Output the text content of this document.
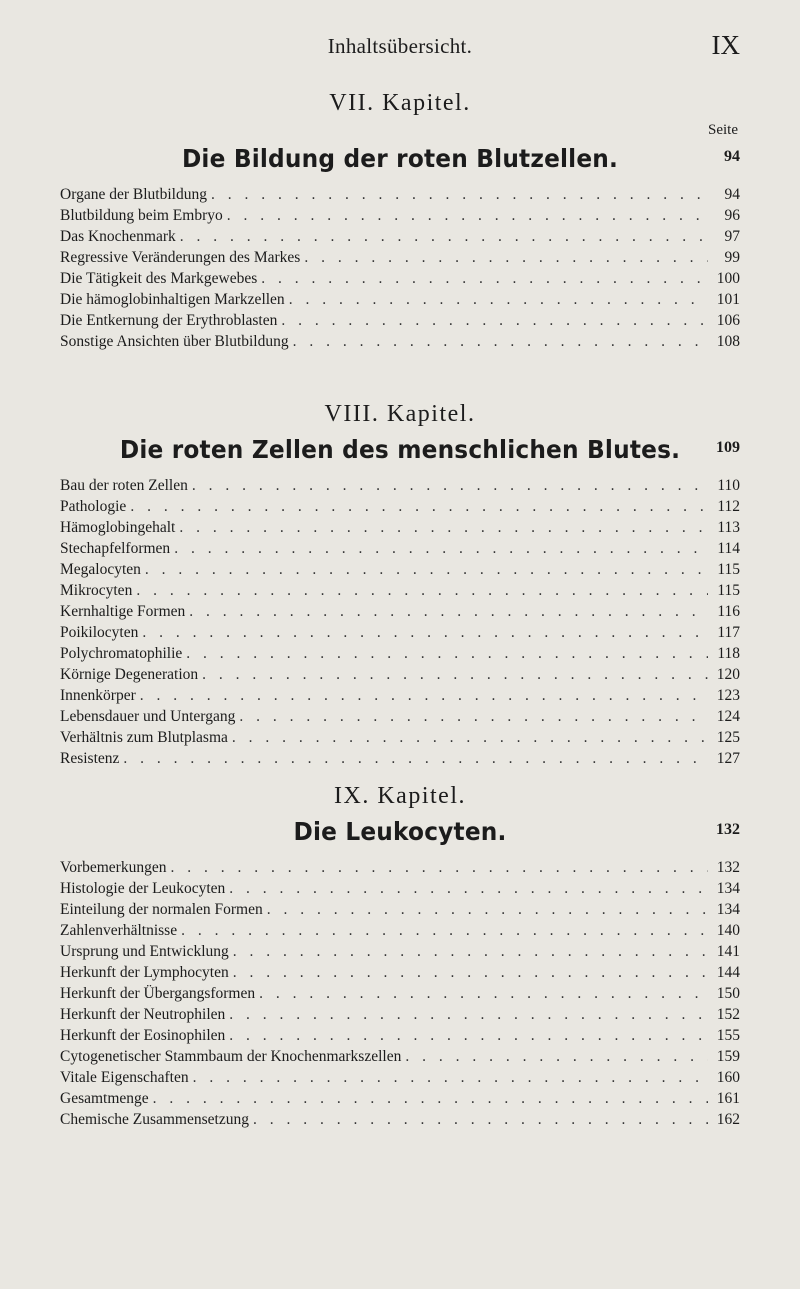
Inhaltsübersicht.	IX
VII. Kapitel.
Seite
Die Bildung der roten Blutzellen.	94
Organe der Blutbildung . . .	94
Blutbildung beim Embryo . . .	96
Das Knochenmark . . .	97
Regressive Veränderungen des Markes . . .	99
Die Tätigkeit des Markgewebes . . .	100
Die hämoglobinhaltigen Markzellen . . .	101
Die Entkernung der Erythroblasten . . .	106
Sonstige Ansichten über Blutbildung . . .	108
VIII. Kapitel.
Die roten Zellen des menschlichen Blutes.	109
Bau der roten Zellen . . .	110
Pathologie . . .	112
Hämoglobingehalt . . .	113
Stechapfelformen . . .	114
Megalocyten . . .	115
Mikrocyten . . .	115
Kernhaltige Formen . . .	116
Poikilocyten . . .	117
Polychromatophilie . . .	118
Körnige Degeneration . . .	120
Innenkörper . . .	123
Lebensdauer und Untergang . . .	124
Verhältnis zum Blutplasma . . .	125
Resistenz . . .	127
IX. Kapitel.
Die Leukocyten.	132
Vorbemerkungen . . .	132
Histologie der Leukocyten . . .	134
Einteilung der normalen Formen . . .	134
Zahlenverhältnisse . . .	140
Ursprung und Entwicklung . . .	141
Herkunft der Lymphocyten . . .	144
Herkunft der Übergangsformen . . .	150
Herkunft der Neutrophilen . . .	152
Herkunft der Eosinophilen . . .	155
Cytogenetischer Stammbaum der Knochenmarkszellen . . .	159
Vitale Eigenschaften . . .	160
Gesamtmenge . . .	161
Chemische Zusammensetzung . . .	162
